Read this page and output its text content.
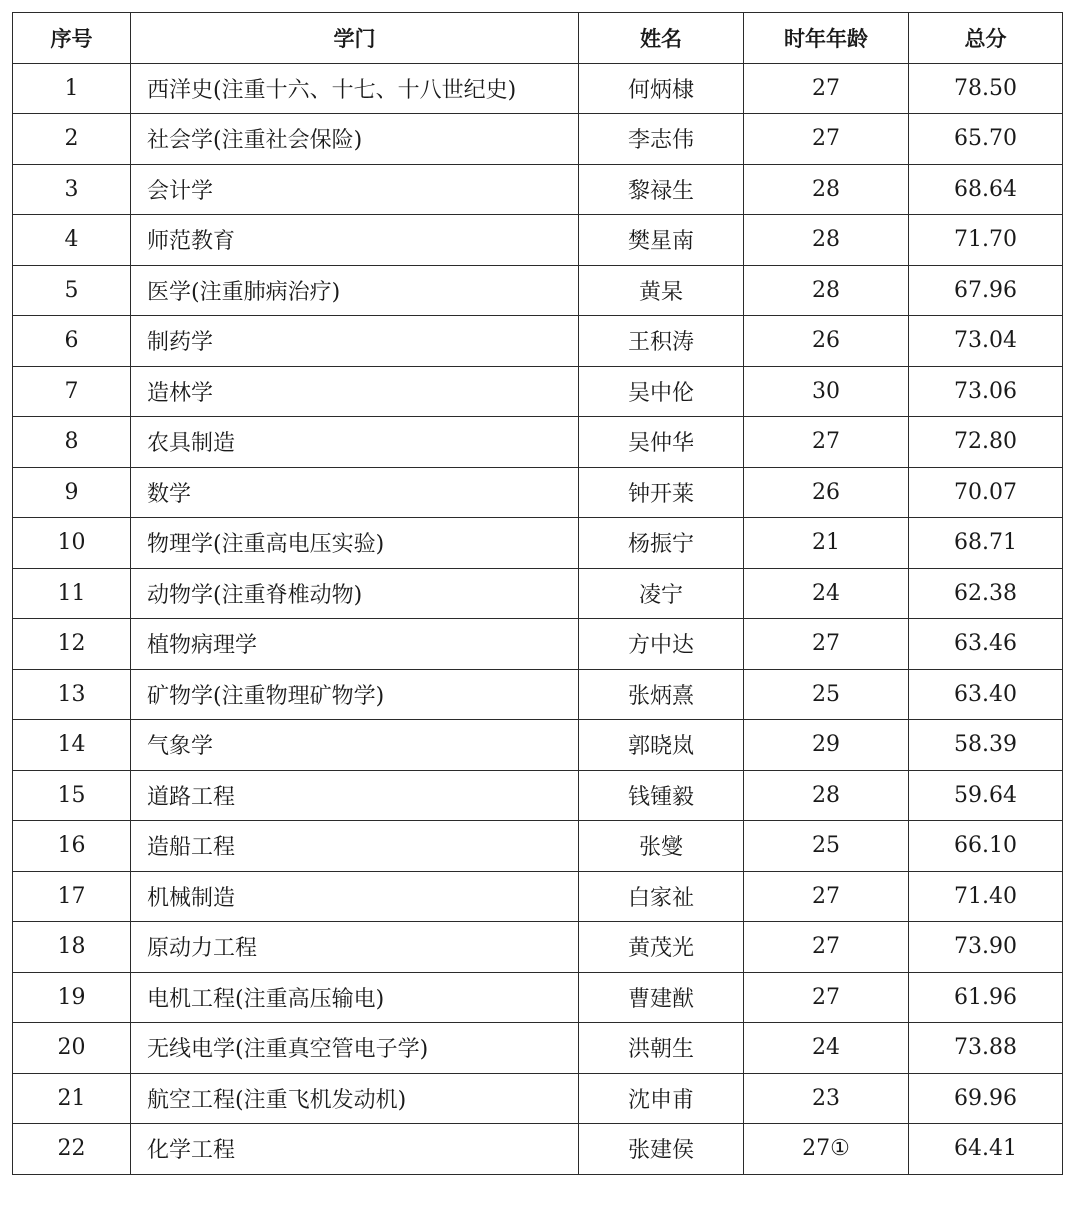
序号	学门	姓名	时年年龄	总分
1	西洋史(注重十六、十七、十八世纪史)	何炳棣	27	78.50
2	社会学(注重社会保险)	李志伟	27	65.70
3	会计学	黎禄生	28	68.64
4	师范教育	樊星南	28	71.70
5	医学(注重肺病治疗)	黄杲	28	67.96
6	制药学	王积涛	26	73.04
7	造林学	吴中伦	30	73.06
8	农具制造	吴仲华	27	72.80
9	数学	钟开莱	26	70.07
10	物理学(注重高电压实验)	杨振宁	21	68.71
11	动物学(注重脊椎动物)	凌宁	24	62.38
12	植物病理学	方中达	27	63.46
13	矿物学(注重物理矿物学)	张炳熹	25	63.40
14	气象学	郭晓岚	29	58.39
15	道路工程	钱锺毅	28	59.64
16	造船工程	张燮	25	66.10
17	机械制造	白家祉	27	71.40
18	原动力工程	黄茂光	27	73.90
19	电机工程(注重高压输电)	曹建猷	27	61.96
20	无线电学(注重真空管电子学)	洪朝生	24	73.88
21	航空工程(注重飞机发动机)	沈申甫	23	69.96
22	化学工程	张建侯	27①	64.41
